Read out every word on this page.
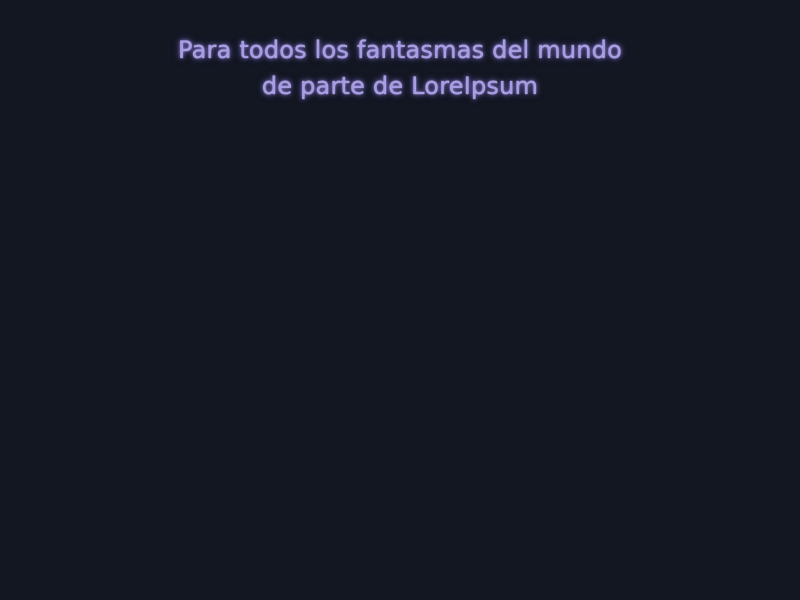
Para todos los fantasmas del mundo
de parte de LoreIpsum
